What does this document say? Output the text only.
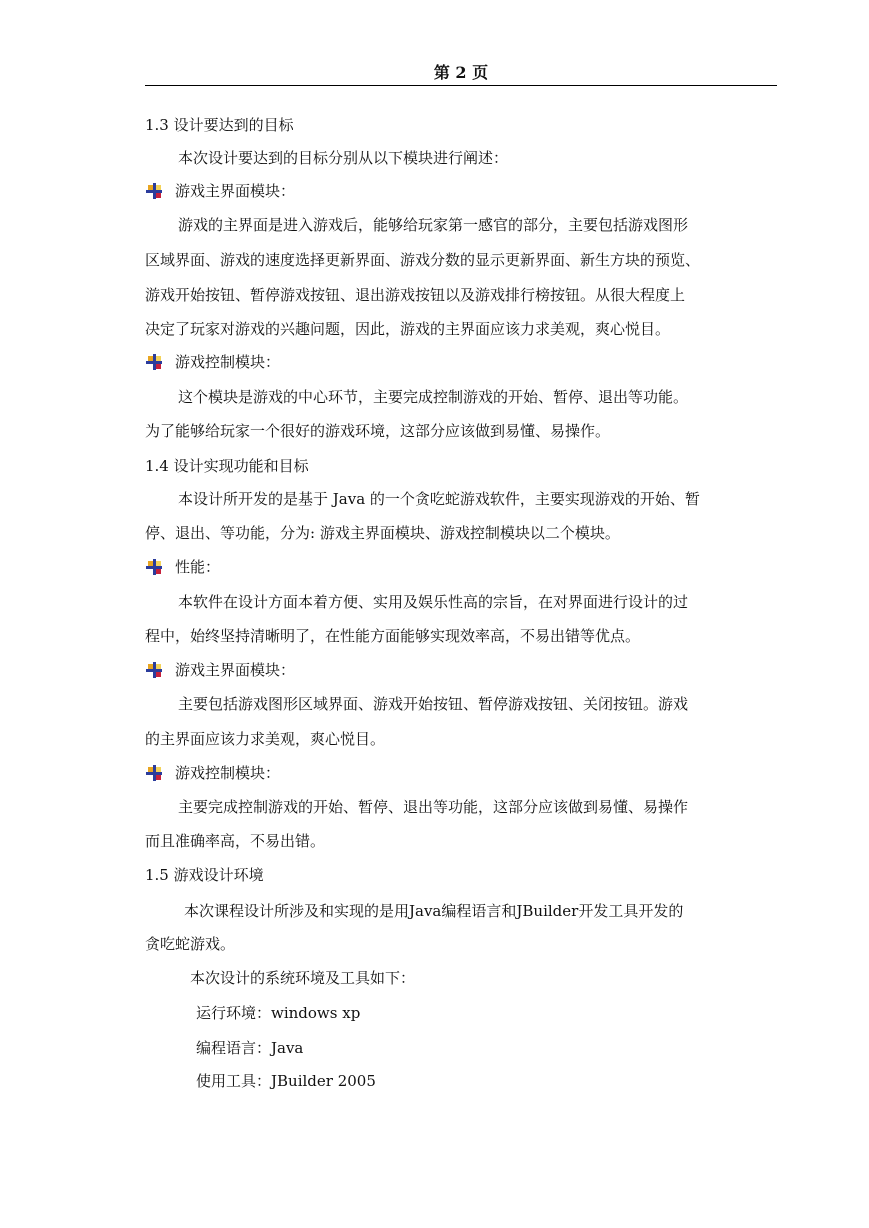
第 2 页
1.3 设计要达到的目标
本次设计要达到的目标分别从以下模块进行阐述：
游戏主界面模块：
游戏的主界面是进入游戏后，能够给玩家第一感官的部分，主要包括游戏图形
区域界面、游戏的速度选择更新界面、游戏分数的显示更新界面、新生方块的预览、
游戏开始按钮、暂停游戏按钮、退出游戏按钮以及游戏排行榜按钮。从很大程度上
决定了玩家对游戏的兴趣问题，因此，游戏的主界面应该力求美观，爽心悦目。
游戏控制模块：
这个模块是游戏的中心环节，主要完成控制游戏的开始、暂停、退出等功能。
为了能够给玩家一个很好的游戏环境，这部分应该做到易懂、易操作。
1.4 设计实现功能和目标
本设计所开发的是基于 Java 的一个贪吃蛇游戏软件，主要实现游戏的开始、暂
停、退出、等功能，分为: 游戏主界面模块、游戏控制模块以二个模块。
性能：
本软件在设计方面本着方便、实用及娱乐性高的宗旨，在对界面进行设计的过
程中，始终坚持清晰明了，在性能方面能够实现效率高，不易出错等优点。
游戏主界面模块：
主要包括游戏图形区域界面、游戏开始按钮、暂停游戏按钮、关闭按钮。游戏
的主界面应该力求美观，爽心悦目。
游戏控制模块：
主要完成控制游戏的开始、暂停、退出等功能，这部分应该做到易懂、易操作
而且准确率高，不易出错。
1.5 游戏设计环境
本次课程设计所涉及和实现的是用Java编程语言和JBuilder开发工具开发的
贪吃蛇游戏。
本次设计的系统环境及工具如下：
运行环境：windows xp
编程语言：Java
使用工具：JBuilder 2005
